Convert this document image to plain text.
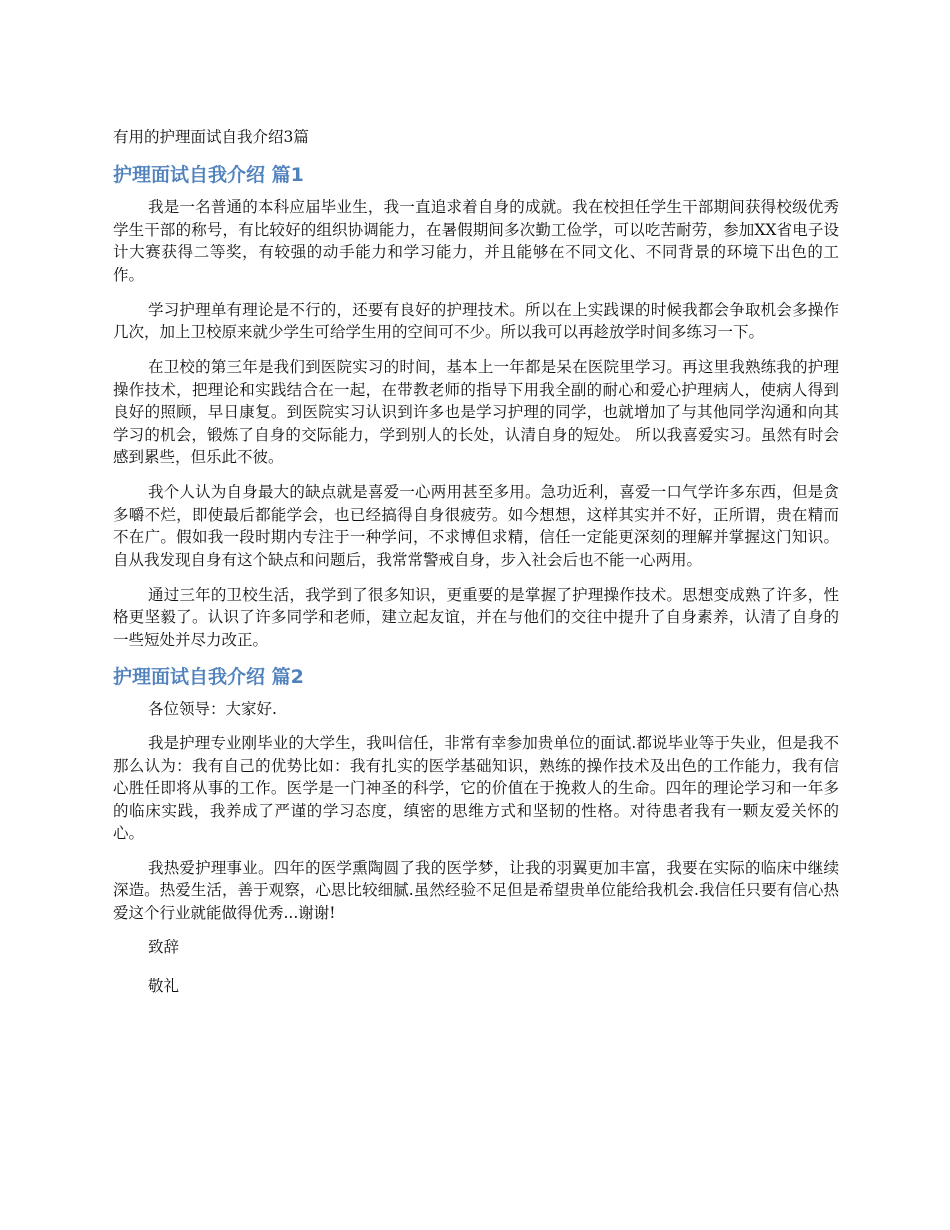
有用的护理面试自我介绍3篇
护理面试自我介绍 篇1

我是一名普通的本科应届毕业生，我一直追求着自身的成就。我在校担任学生干部期间获得校级优秀学生干部的称号，有比较好的组织协调能力，在暑假期间多次勤工俭学，可以吃苦耐劳，参加XX省电子设计大赛获得二等奖，有较强的动手能力和学习能力，并且能够在不同文化、不同背景的环境下出色的工作。

学习护理单有理论是不行的，还要有良好的护理技术。所以在上实践课的时候我都会争取机会多操作几次，加上卫校原来就少学生可给学生用的空间可不少。所以我可以再趁放学时间多练习一下。

在卫校的第三年是我们到医院实习的时间，基本上一年都是呆在医院里学习。再这里我熟练我的护理操作技术，把理论和实践结合在一起，在带教老师的指导下用我全副的耐心和爱心护理病人，使病人得到良好的照顾，早日康复。到医院实习认识到许多也是学习护理的同学，也就增加了与其他同学沟通和向其学习的机会，锻炼了自身的交际能力，学到别人的长处，认清自身的短处。 所以我喜爱实习。虽然有时会感到累些，但乐此不彼。

我个人认为自身最大的缺点就是喜爱一心两用甚至多用。急功近利，喜爱一口气学许多东西，但是贪多嚼不烂，即使最后都能学会，也已经搞得自身很疲劳。如今想想，这样其实并不好，正所谓，贵在精而不在广。假如我一段时期内专注于一种学问，不求博但求精，信任一定能更深刻的理解并掌握这门知识。自从我发现自身有这个缺点和问题后，我常常警戒自身，步入社会后也不能一心两用。

通过三年的卫校生活，我学到了很多知识，更重要的是掌握了护理操作技术。思想变成熟了许多，性格更坚毅了。认识了许多同学和老师，建立起友谊，并在与他们的交往中提升了自身素养，认清了自身的一些短处并尽力改正。

护理面试自我介绍 篇2

各位领导：大家好.

我是护理专业刚毕业的大学生，我叫信任，非常有幸参加贵单位的面试.都说毕业等于失业，但是我不那么认为：我有自己的优势比如：我有扎实的医学基础知识，熟练的操作技术及出色的工作能力，我有信心胜任即将从事的工作。医学是一门神圣的科学，它的价值在于挽救人的生命。四年的理论学习和一年多的临床实践，我养成了严谨的学习态度，缜密的思维方式和坚韧的性格。对待患者我有一颗友爱关怀的心。

我热爱护理事业。四年的医学熏陶圆了我的医学梦，让我的羽翼更加丰富，我要在实际的临床中继续深造。热爱生活，善于观察，心思比较细腻.虽然经验不足但是希望贵单位能给我机会.我信任只要有信心热爱这个行业就能做得优秀...谢谢!

致辞

敬礼
